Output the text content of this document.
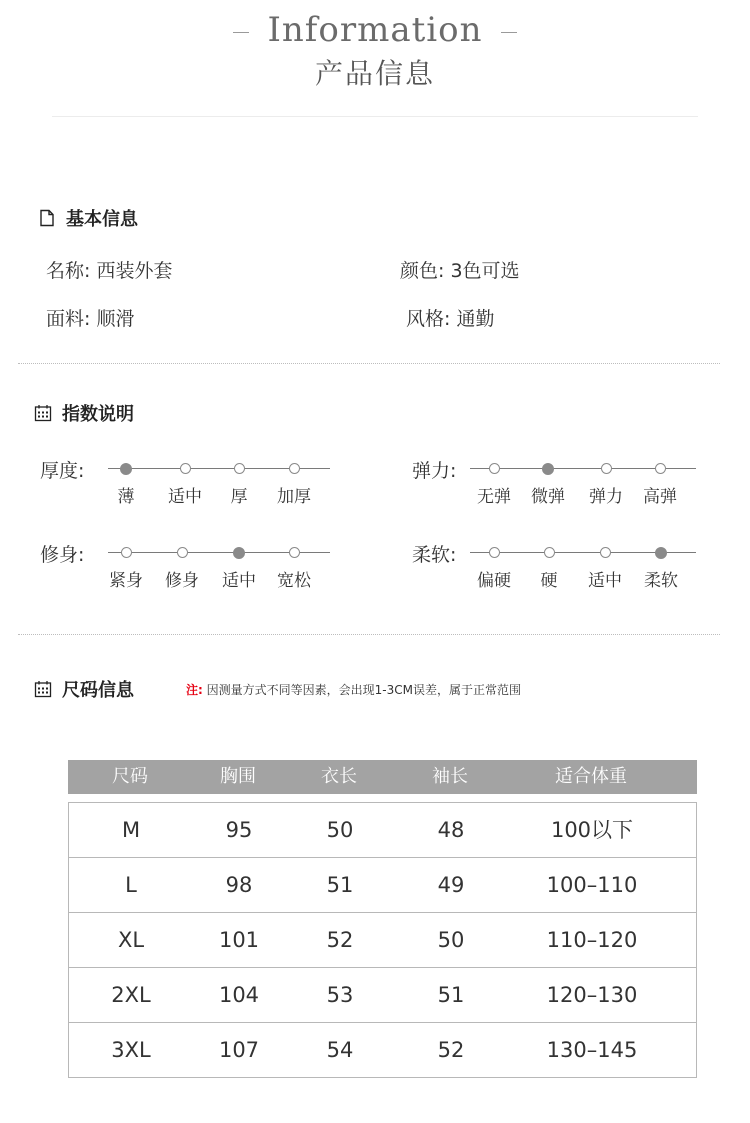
Information
产品信息
基本信息
名称: 西装外套	颜色: 3色可选
面料: 顺滑	风格: 通勤
指数说明
厚度:
薄	适中	厚	加厚
弹力:
无弹	微弹	弹力	高弹
修身:
紧身	修身	适中	宽松
柔软:
偏硬	硬	适中	柔软
尺码信息	注: 因测量方式不同等因素，会出现1-3CM误差，属于正常范围
尺码	胸围	衣长	袖长	适合体重
M	95	50	48	100以下
L	98	51	49	100–110
XL	101	52	50	110–120
2XL	104	53	51	120–130
3XL	107	54	52	130–145
